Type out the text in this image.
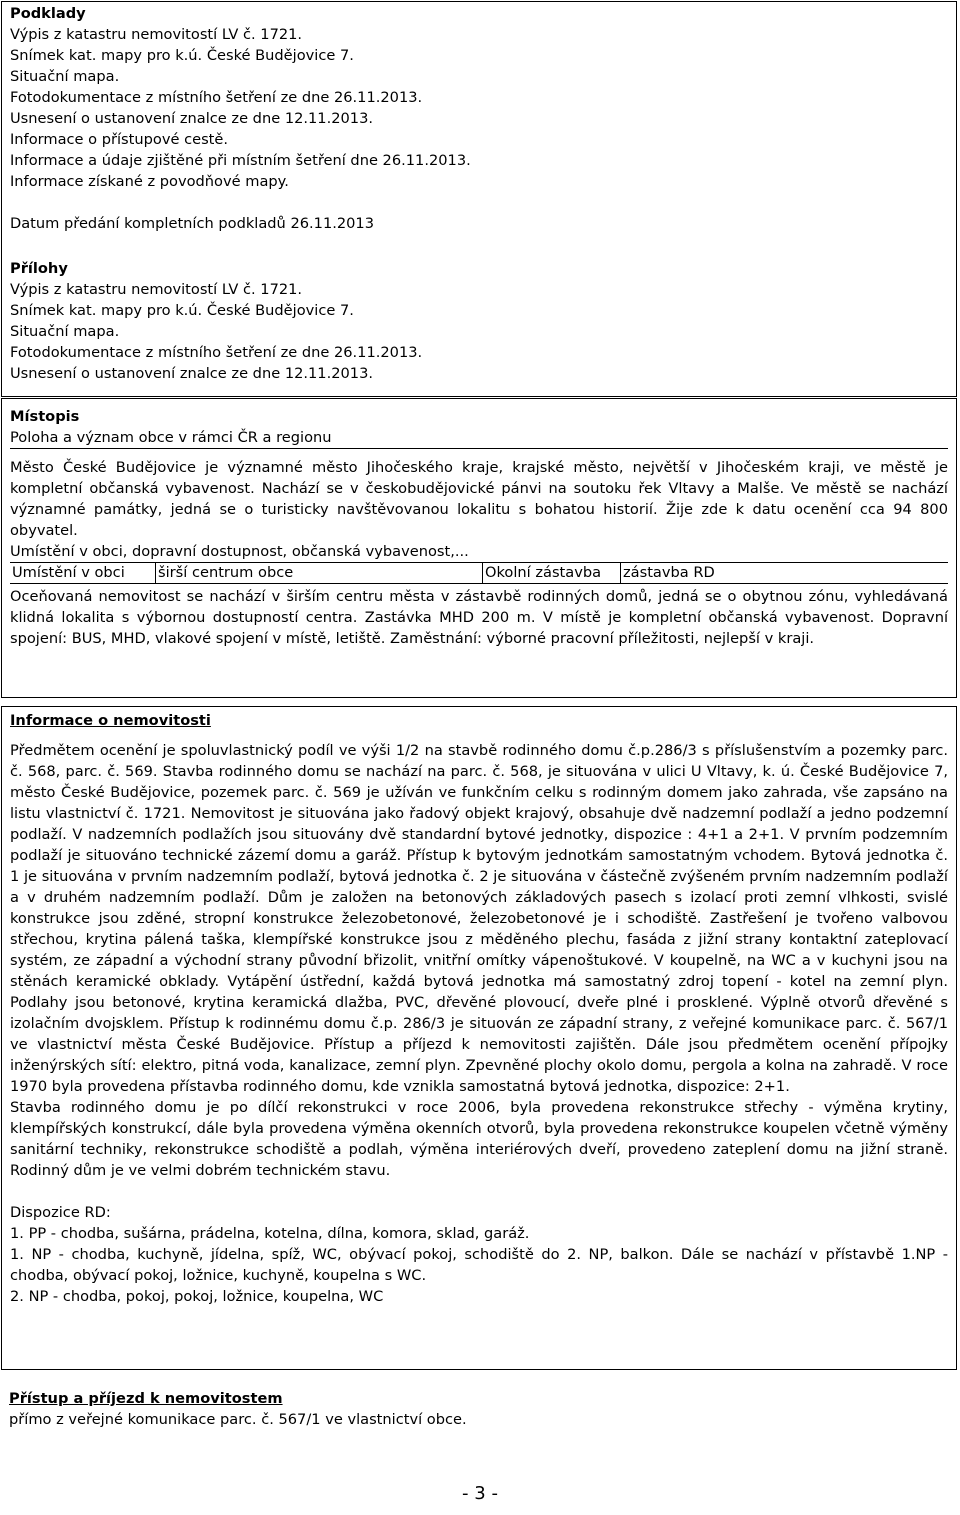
Podklady
Výpis z katastru nemovitostí LV č. 1721.
Snímek kat. mapy pro k.ú. České Budějovice 7.
Situační mapa.
Fotodokumentace z místního šetření ze dne 26.11.2013.
Usnesení o ustanovení znalce ze dne 12.11.2013.
Informace o přístupové cestě.
Informace a údaje zjištěné při místním šetření dne 26.11.2013.
Informace získané z povodňové mapy.
Datum předání kompletních podkladů 26.11.2013
Přílohy
Výpis z katastru nemovitostí LV č. 1721.
Snímek kat. mapy pro k.ú. České Budějovice 7.
Situační mapa.
Fotodokumentace z místního šetření ze dne 26.11.2013.
Usnesení o ustanovení znalce ze dne 12.11.2013.
Místopis
Poloha a význam obce v rámci ČR a regionu
Město České Budějovice je významné město Jihočeského kraje, krajské město, největší v Jihočeském kraji, ve městě je kompletní občanská vybavenost. Nachází se v českobudějovické pánvi na soutoku řek Vltavy a Malše. Ve městě se nachází významné památky, jedná se o turisticky navštěvovanou lokalitu s bohatou historií. Žije zde k datu ocenění cca 94 800 obyvatel.
Umístění v obci, dopravní dostupnost, občanská vybavenost,...
Umístění v obci	širší centrum obce	Okolní zástavba	zástavba RD
Oceňovaná nemovitost se nachází v širším centru města v zástavbě rodinných domů, jedná se o obytnou zónu, vyhledávaná klidná lokalita s výbornou dostupností centra. Zastávka MHD 200 m. V místě je kompletní občanská vybavenost. Dopravní spojení: BUS, MHD, vlakové spojení v místě, letiště. Zaměstnání: výborné pracovní příležitosti, nejlepší v kraji.
Informace o nemovitosti
Předmětem ocenění je spoluvlastnický podíl ve výši 1/2 na stavbě rodinného domu č.p.286/3 s příslušenstvím a pozemky parc. č. 568, parc. č. 569. Stavba rodinného domu se nachází na parc. č. 568, je situována v ulici U Vltavy, k. ú. České Budějovice 7, město České Budějovice, pozemek parc. č. 569 je užíván ve funkčním celku s rodinným domem jako zahrada, vše zapsáno na listu vlastnictví č. 1721. Nemovitost je situována jako řadový objekt krajový, obsahuje dvě nadzemní podlaží a jedno podzemní podlaží. V nadzemních podlažích jsou situovány dvě standardní bytové jednotky, dispozice : 4+1 a 2+1. V prvním podzemním podlaží je situováno technické zázemí domu a garáž. Přístup k bytovým jednotkám samostatným vchodem. Bytová jednotka č. 1 je situována v prvním nadzemním podlaží, bytová jednotka č. 2 je situována v částečně zvýšeném prvním nadzemním podlaží a v druhém nadzemním podlaží. Dům je založen na betonových základových pasech s izolací proti zemní vlhkosti, svislé konstrukce jsou zděné, stropní konstrukce železobetonové, železobetonové je i schodiště. Zastřešení je tvořeno valbovou střechou, krytina pálená taška, klempířské konstrukce jsou z měděného plechu, fasáda z jižní strany kontaktní zateplovací systém, ze západní a východní strany původní břizolit, vnitřní omítky vápenoštukové. V koupelně, na WC a v kuchyni jsou na stěnách keramické obklady. Vytápění ústřední, každá bytová jednotka má samostatný zdroj topení - kotel na zemní plyn. Podlahy jsou betonové, krytina keramická dlažba, PVC, dřevěné plovoucí, dveře plné i prosklené. Výplně otvorů dřevěné s izolačním dvojsklem. Přístup k rodinnému domu č.p. 286/3 je situován ze západní strany, z veřejné komunikace parc. č. 567/1 ve vlastnictví města České Budějovice. Přístup a příjezd k nemovitosti zajištěn. Dále jsou předmětem ocenění přípojky inženýrských sítí: elektro, pitná voda, kanalizace, zemní plyn. Zpevněné plochy okolo domu, pergola a kolna na zahradě. V roce 1970 byla provedena přístavba rodinného domu, kde vznikla samostatná bytová jednotka, dispozice: 2+1.
Stavba rodinného domu je po dílčí rekonstrukci v roce 2006, byla provedena rekonstrukce střechy - výměna krytiny, klempířských konstrukcí, dále byla provedena výměna okenních otvorů, byla provedena rekonstrukce koupelen včetně výměny sanitární techniky, rekonstrukce schodiště a podlah, výměna interiérových dveří, provedeno zateplení domu na jižní straně. Rodinný dům je ve velmi dobrém technickém stavu.
Dispozice RD:
1. PP - chodba, sušárna, prádelna, kotelna, dílna, komora, sklad, garáž.
1. NP - chodba, kuchyně, jídelna, spíž, WC, obývací pokoj, schodiště do 2. NP, balkon. Dále se nachází v přístavbě 1.NP - chodba, obývací pokoj, ložnice, kuchyně, koupelna s WC.
2. NP - chodba, pokoj, pokoj, ložnice, koupelna, WC
Přístup a příjezd k nemovitostem
přímo z veřejné komunikace parc. č. 567/1 ve vlastnictví obce.
- 3 -
